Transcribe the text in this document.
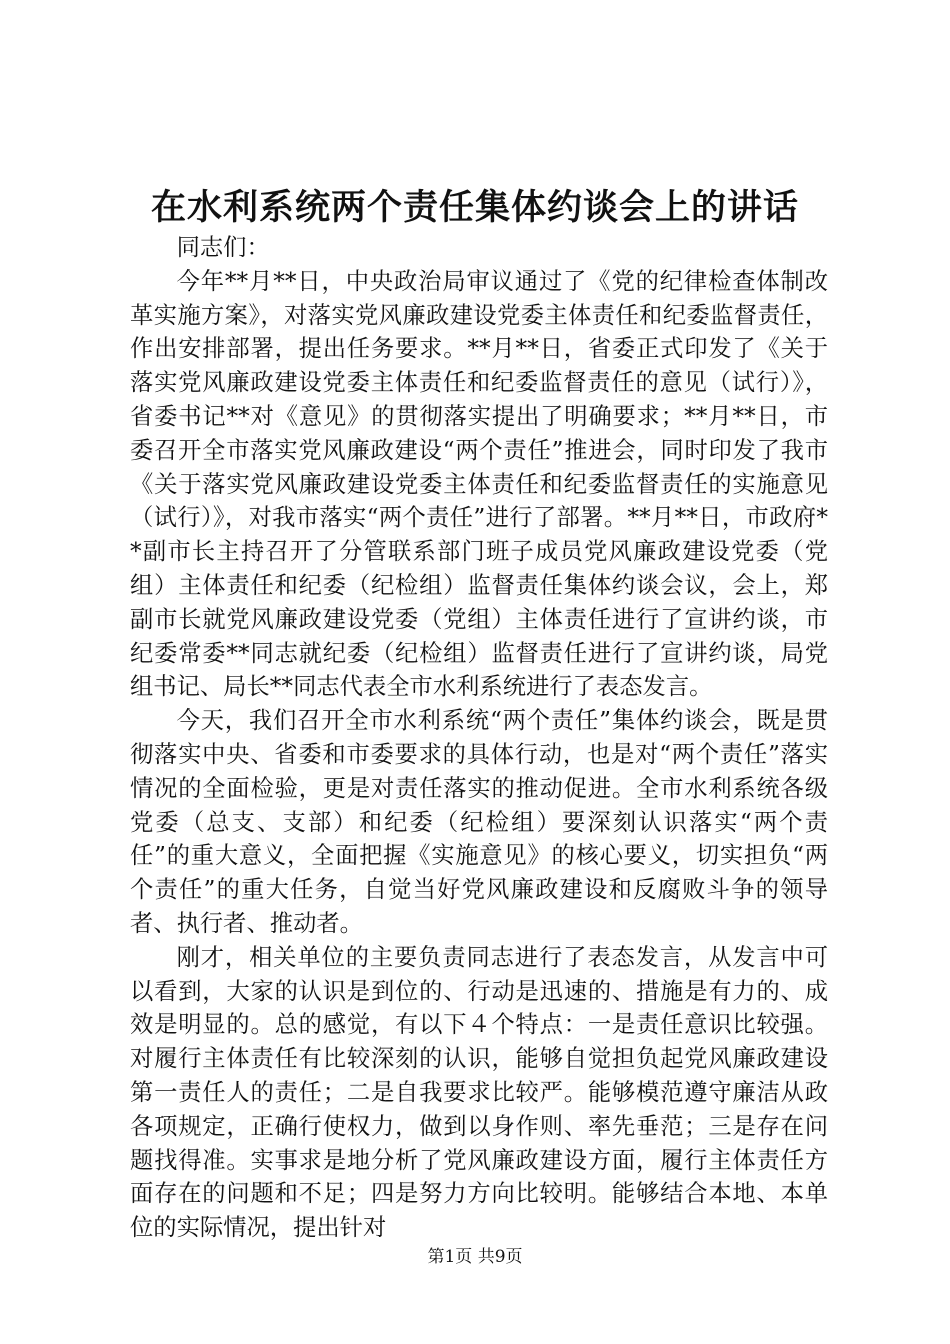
在水利系统两个责任集体约谈会上的讲话

同志们：

今年**月**日，中央政治局审议通过了《党的纪律检查体制改革实施方案》，对落实党风廉政建设党委主体责任和纪委监督责任，作出安排部署，提出任务要求。**月**日，省委正式印发了《关于落实党风廉政建设党委主体责任和纪委监督责任的意见（试行）》，省委书记**对《意见》的贯彻落实提出了明确要求；**月**日，市委召开全市落实党风廉政建设“两个责任”推进会，同时印发了我市《关于落实党风廉政建设党委主体责任和纪委监督责任的实施意见（试行）》，对我市落实“两个责任”进行了部署。**月**日，市政府**副市长主持召开了分管联系部门班子成员党风廉政建设党委（党组）主体责任和纪委（纪检组）监督责任集体约谈会议，会上，郑副市长就党风廉政建设党委（党组）主体责任进行了宣讲约谈，市纪委常委**同志就纪委（纪检组）监督责任进行了宣讲约谈，局党组书记、局长**同志代表全市水利系统进行了表态发言。

今天，我们召开全市水利系统“两个责任”集体约谈会，既是贯彻落实中央、省委和市委要求的具体行动，也是对“两个责任”落实情况的全面检验，更是对责任落实的推动促进。全市水利系统各级党委（总支、支部）和纪委（纪检组）要深刻认识落实“两个责任”的重大意义，全面把握《实施意见》的核心要义，切实担负“两个责任”的重大任务，自觉当好党风廉政建设和反腐败斗争的领导者、执行者、推动者。

刚才，相关单位的主要负责同志进行了表态发言，从发言中可以看到，大家的认识是到位的、行动是迅速的、措施是有力的、成效是明显的。总的感觉，有以下４个特点：一是责任意识比较强。对履行主体责任有比较深刻的认识，能够自觉担负起党风廉政建设第一责任人的责任；二是自我要求比较严。能够模范遵守廉洁从政各项规定，正确行使权力，做到以身作则、率先垂范；三是存在问题找得准。实事求是地分析了党风廉政建设方面，履行主体责任方面存在的问题和不足；四是努力方向比较明。能够结合本地、本单位的实际情况，提出针对

第1页 共9页
